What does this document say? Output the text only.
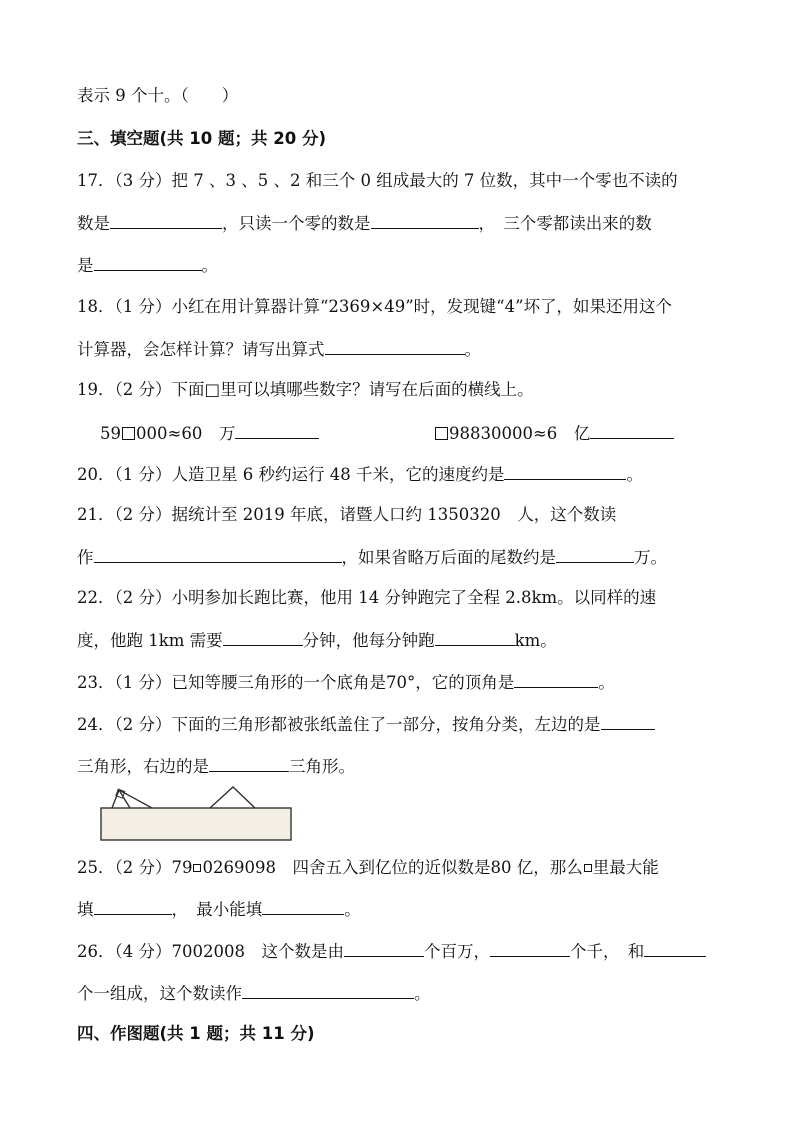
表示 9 个十。（　　）
三、填空题(共 10 题；共 20 分)
17．（3 分）把 7 、3 、5 、2 和三个 0 组成最大的 7 位数，其中一个零也不读的
数是	，只读一个零的数是	，　三个零都读出来的数
是	。
18．（1 分）小红在用计算器计算“2369×49”时，发现键“4”坏了，如果还用这个
计算器，会怎样计算？请写出算式	。
19．（2 分）下面□里可以填哪些数字？请写在后面的横线上。
59 000≈60　万	98830000≈6　亿
20．（1 分）人造卫星 6 秒约运行 48 千米，它的速度约是	。
21．（2 分）据统计至 2019 年底，诸暨人口约 1350320　人，这个数读
作	，如果省略万后面的尾数约是	万。
22．（2 分）小明参加长跑比赛，他用 14 分钟跑完了全程 2.8km。以同样的速
度，他跑 1km 需要	分钟，他每分钟跑	km。
23．（1 分）已知等腰三角形的一个底角是70°，它的顶角是	。
24．（2 分）下面的三角形都被张纸盖住了一部分，按角分类，左边的是
三角形，右边的是	三角形。
25．（2 分）79 0269098　四舍五入到亿位的近似数是80 亿，那么 里最大能
填	，　最小能填	。
26．（4 分）7002008　这个数是由	个百万，	个千，　和
个一组成，这个数读作	。
四、作图题(共 1 题；共 11 分)
